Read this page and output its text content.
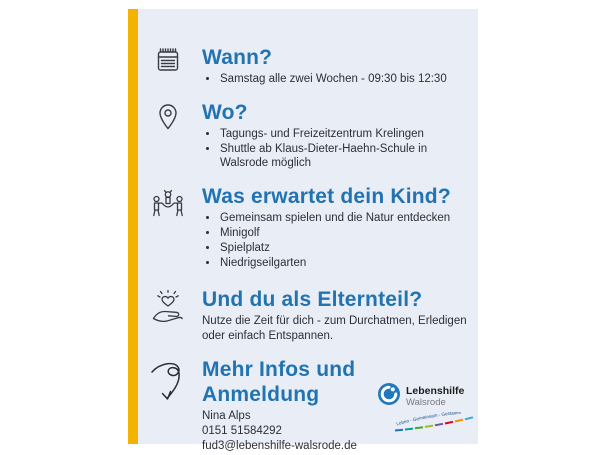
Wann?
• Samstag alle zwei Wochen - 09:30 bis 12:30
Wo?
• Tagungs- und Freizeitzentrum Krelingen
• Shuttle ab Klaus-Dieter-Haehn-Schule in Walsrode möglich
Was erwartet dein Kind?
• Gemeinsam spielen und die Natur entdecken
• Minigolf
• Spielplatz
• Niedrigseilgarten
Und du als Elternteil?

Nutze die Zeit für dich - zum Durchatmen, Erledigen oder einfach Entspannen.

Mehr Infos und Anmeldung
Nina Alps
0151 51584292
fud3@lebenshilfe-walsrode.de
Lebenshilfe
Walsrode
Leben - Gemeinsam - Gestalten
